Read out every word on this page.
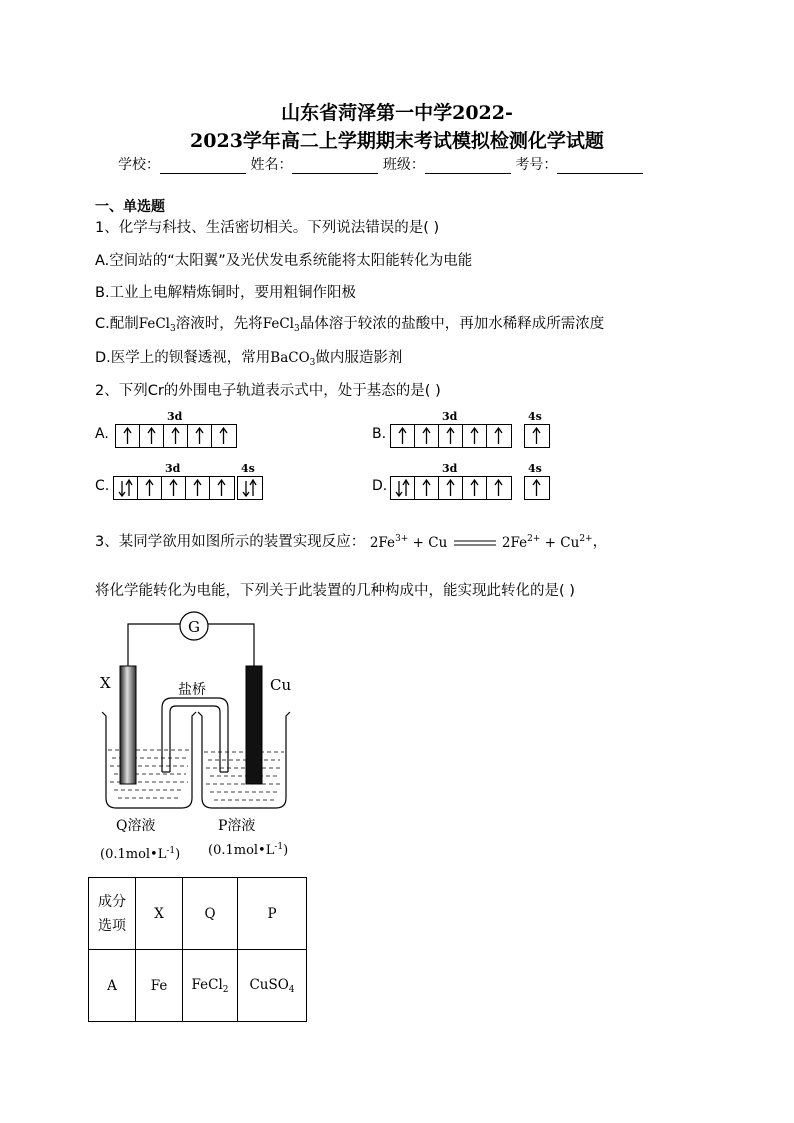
山东省菏泽第一中学2022-
2023学年高二上学期期末考试模拟检测化学试题
学校：	姓名：	班级：	考号：
一、单选题
1、化学与科技、生活密切相关。下列说法错误的是( )
A.空间站的“太阳翼”及光伏发电系统能将太阳能转化为电能
B.工业上电解精炼铜时，要用粗铜作阳极
C.配制FeCl$_3$溶液时，先将FeCl$_3$晶体溶于较浓的盐酸中，再加水稀释成所需浓度
D.医学上的钡餐透视，常用BaCO$_3$做内服造影剂
2、下列Cr的外围电子轨道表示式中，处于基态的是( )
A.
3d
B.
3d	4s
C.
3d	4s
D.
3d	4s
3、某同学欲用如图所示的装置实现反应： $2Fe^{3+} + Cu$	$2Fe^{2+} + Cu^{2+}$，
将化学能转化为电能，下列关于此装置的几种构成中，能实现此转化的是( )
G
X	Cu
盐桥
Q溶液	P溶液
$(0.1mol•L^{-1})$ $(0.1mol•L^{-1})$
成分
选项	X	Q	P
A	Fe	FeCl$_2$	CuSO$_4$
